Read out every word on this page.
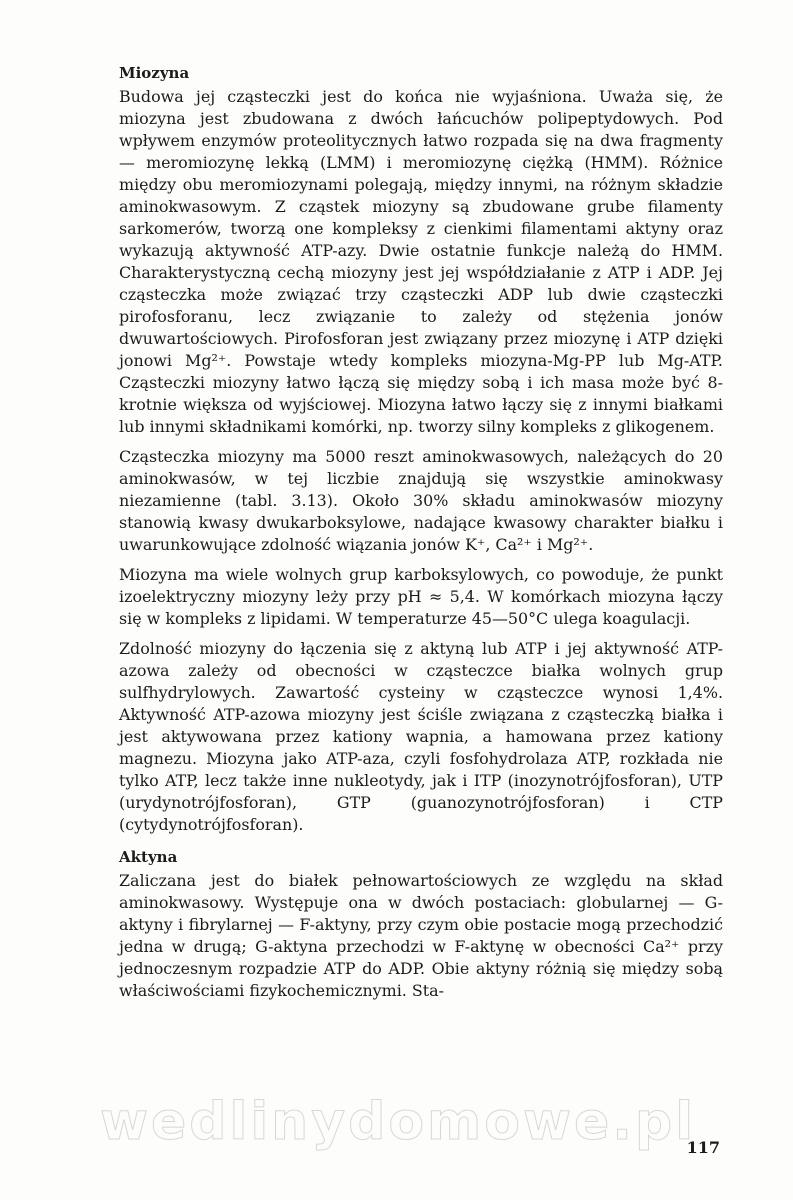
Miozyna

Budowa jej cząsteczki jest do końca nie wyjaśniona. Uważa się, że miozyna jest zbudowana z dwóch łańcuchów polipeptydowych. Pod wpływem enzymów proteolitycznych łatwo rozpada się na dwa fragmenty — meromiozynę lekką (LMM) i meromiozynę ciężką (HMM). Różnice między obu meromiozynami polegają, między innymi, na różnym składzie aminokwasowym. Z cząstek miozyny są zbudowane grube filamenty sarkomerów, tworzą one kompleksy z cienkimi filamentami aktyny oraz wykazują aktywność ATP-azy. Dwie ostatnie funkcje należą do HMM. Charakterystyczną cechą miozyny jest jej współdziałanie z ATP i ADP. Jej cząsteczka może związać trzy cząsteczki ADP lub dwie cząsteczki pirofosforanu, lecz związanie to zależy od stężenia jonów dwuwartościowych. Pirofosforan jest związany przez miozynę i ATP dzięki jonowi Mg²⁺. Powstaje wtedy kompleks miozyna-Mg-PP lub Mg-ATP. Cząsteczki miozyny łatwo łączą się między sobą i ich masa może być 8-krotnie większa od wyjściowej. Miozyna łatwo łączy się z innymi białkami lub innymi składnikami komórki, np. tworzy silny kompleks z glikogenem.

Cząsteczka miozyny ma 5000 reszt aminokwasowych, należących do 20 aminokwasów, w tej liczbie znajdują się wszystkie aminokwasy niezamienne (tabl. 3.13). Około 30% składu aminokwasów miozyny stanowią kwasy dwukarboksylowe, nadające kwasowy charakter białku i uwarunkowujące zdolność wiązania jonów K⁺, Ca²⁺ i Mg²⁺.

Miozyna ma wiele wolnych grup karboksylowych, co powoduje, że punkt izoelektryczny miozyny leży przy pH ≈ 5,4. W komórkach miozyna łączy się w kompleks z lipidami. W temperaturze 45—50°C ulega koagulacji.

Zdolność miozyny do łączenia się z aktyną lub ATP i jej aktywność ATP-azowa zależy od obecności w cząsteczce białka wolnych grup sulfhydrylowych. Zawartość cysteiny w cząsteczce wynosi 1,4%. Aktywność ATP-azowa miozyny jest ściśle związana z cząsteczką białka i jest aktywowana przez kationy wapnia, a hamowana przez kationy magnezu. Miozyna jako ATP-aza, czyli fosfohydrolaza ATP, rozkłada nie tylko ATP, lecz także inne nukleotydy, jak i ITP (inozynotrójfosforan), UTP (urydynotrójfosforan), GTP (guanozynotrójfosforan) i CTP (cytydynotrójfosforan).

Aktyna

Zaliczana jest do białek pełnowartościowych ze względu na skład aminokwasowy. Występuje ona w dwóch postaciach: globularnej — G-aktyny i fibrylarnej — F-aktyny, przy czym obie postacie mogą przechodzić jedna w drugą; G-aktyna przechodzi w F-aktynę w obecności Ca²⁺ przy jednoczesnym rozpadzie ATP do ADP. Obie aktyny różnią się między sobą właściwościami fizykochemicznymi. Sta-

wedlinydomowe.pl
117
